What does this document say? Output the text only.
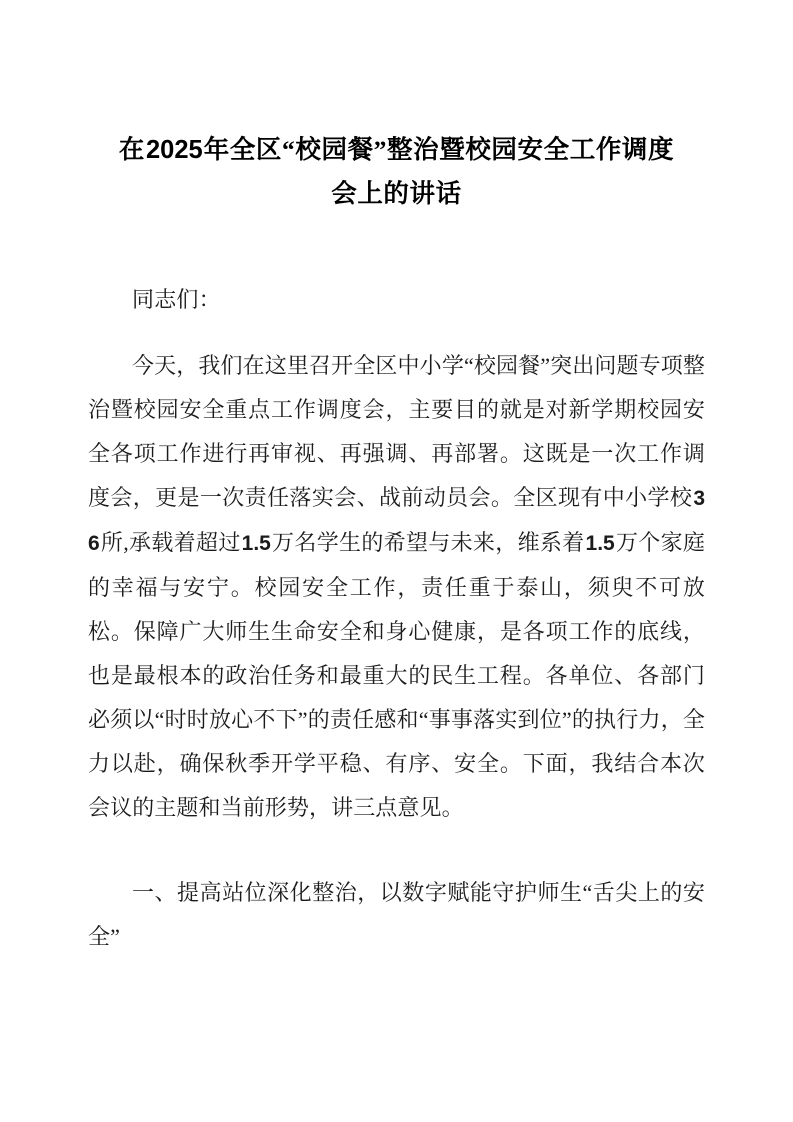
在2025年全区“校园餐”整治暨校园安全工作调度
会上的讲话

同志们：

今天，我们在这里召开全区中小学“校园餐”突出问题专项整治暨校园安全重点工作调度会，主要目的就是对新学期校园安全各项工作进行再审视、再强调、再部署。这既是一次工作调度会，更是一次责任落实会、战前动员会。全区现有中小学校36所,承载着超过1.5万名学生的希望与未来，维系着1.5万个家庭的幸福与安宁。校园安全工作，责任重于泰山，须臾不可放松。保障广大师生生命安全和身心健康，是各项工作的底线，也是最根本的政治任务和最重大的民生工程。各单位、各部门必须以“时时放心不下”的责任感和“事事落实到位”的执行力，全力以赴，确保秋季开学平稳、有序、安全。下面，我结合本次会议的主题和当前形势，讲三点意见。

一、提高站位深化整治，以数字赋能守护师生“舌尖上的安全”
